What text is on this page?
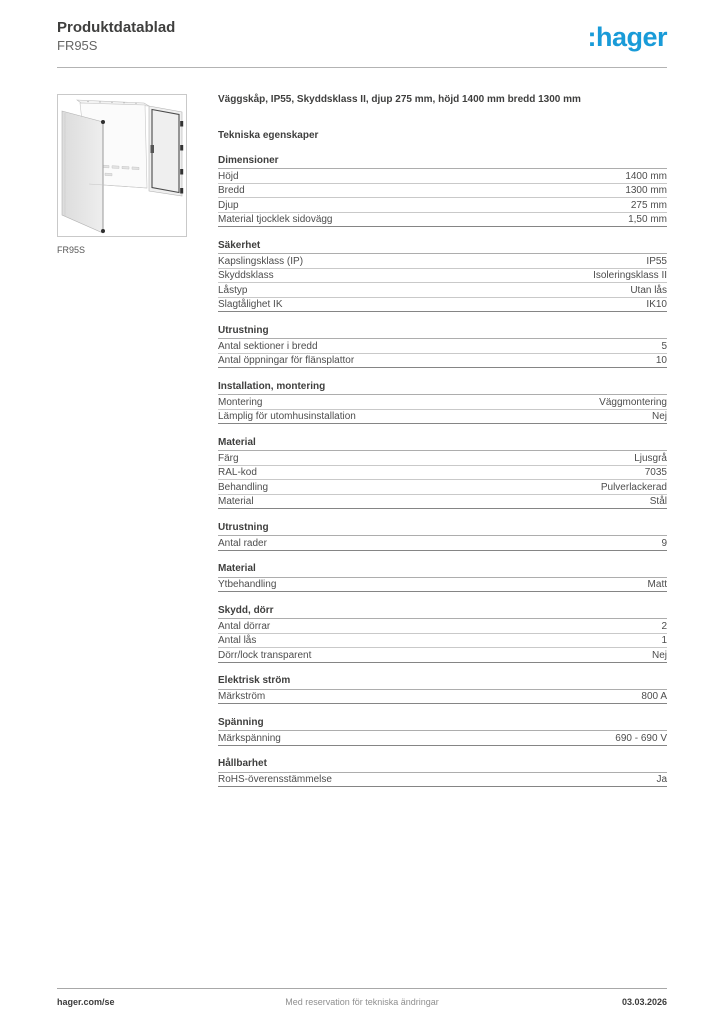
Produktdatablad
FR95S	:hager
FR95S

Väggskåp, IP55, Skyddsklass II, djup 275 mm, höjd 1400 mm bredd 1300 mm

Tekniska egenskaper
Dimensioner
Höjd	1400 mm
Bredd	1300 mm
Djup	275 mm
Material tjocklek sidovägg	1,50 mm
Säkerhet
Kapslingsklass (IP)	IP55
Skyddsklass	Isoleringsklass II
Låstyp	Utan lås
Slagtålighet IK	IK10
Utrustning
Antal sektioner i bredd	5
Antal öppningar för flänsplattor	10
Installation, montering
Montering	Väggmontering
Lämplig för utomhusinstallation	Nej
Material
Färg	Ljusgrå
RAL-kod	7035
Behandling	Pulverlackerad
Material	Stål
Utrustning
Antal rader	9
Material
Ytbehandling	Matt
Skydd, dörr
Antal dörrar	2
Antal lås	1
Dörr/lock transparent	Nej
Elektrisk ström
Märkström	800 A
Spänning
Märkspänning	690 - 690 V
Hållbarhet
RoHS-överensstämmelse	Ja
hager.com/se	Med reservation för tekniska ändringar	03.03.2026
